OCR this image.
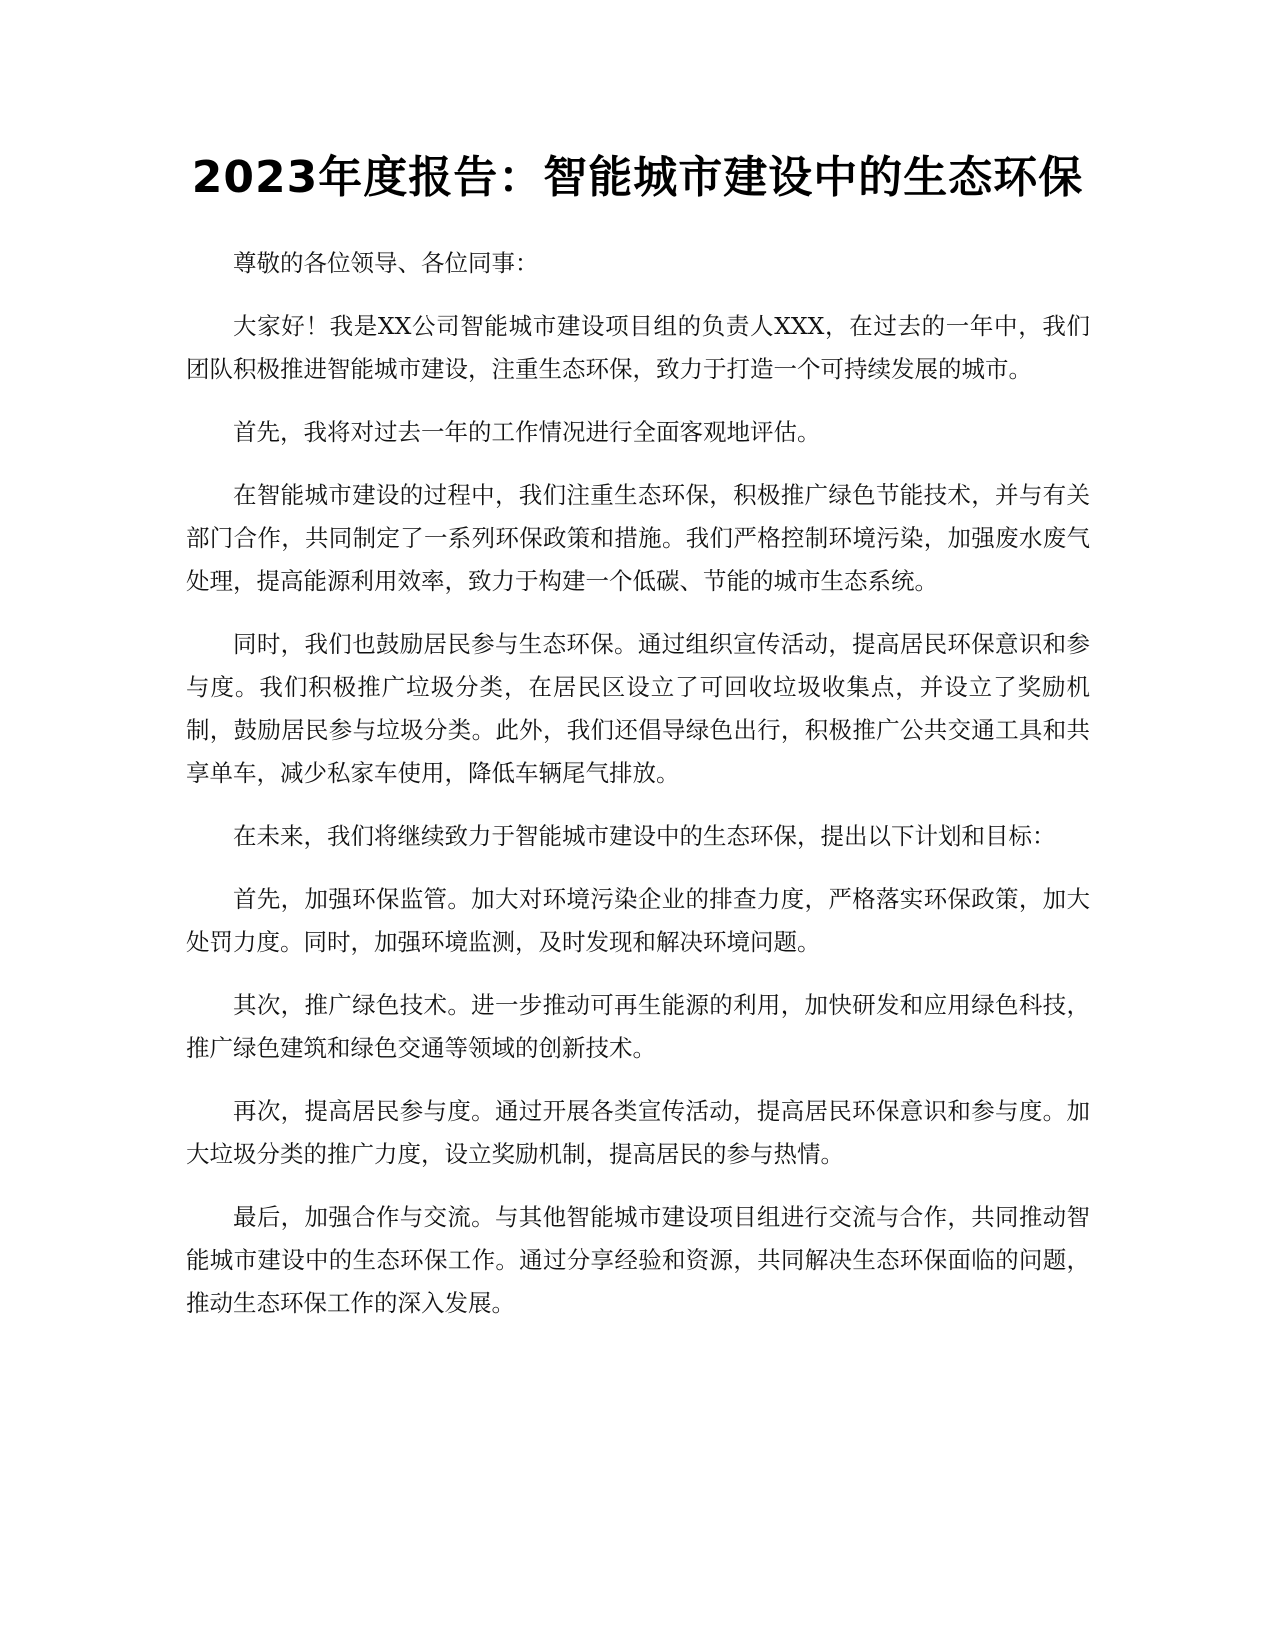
2023年度报告：智能城市建设中的生态环保

尊敬的各位领导、各位同事：

大家好！我是XX公司智能城市建设项目组的负责人XXX，在过去的一年中，我们团队积极推进智能城市建设，注重生态环保，致力于打造一个可持续发展的城市。

首先，我将对过去一年的工作情况进行全面客观地评估。

在智能城市建设的过程中，我们注重生态环保，积极推广绿色节能技术，并与有关部门合作，共同制定了一系列环保政策和措施。我们严格控制环境污染，加强废水废气处理，提高能源利用效率，致力于构建一个低碳、节能的城市生态系统。

同时，我们也鼓励居民参与生态环保。通过组织宣传活动，提高居民环保意识和参与度。我们积极推广垃圾分类，在居民区设立了可回收垃圾收集点，并设立了奖励机制，鼓励居民参与垃圾分类。此外，我们还倡导绿色出行，积极推广公共交通工具和共享单车，减少私家车使用，降低车辆尾气排放。

在未来，我们将继续致力于智能城市建设中的生态环保，提出以下计划和目标：

首先，加强环保监管。加大对环境污染企业的排查力度，严格落实环保政策，加大处罚力度。同时，加强环境监测，及时发现和解决环境问题。

其次，推广绿色技术。进一步推动可再生能源的利用，加快研发和应用绿色科技，推广绿色建筑和绿色交通等领域的创新技术。

再次，提高居民参与度。通过开展各类宣传活动，提高居民环保意识和参与度。加大垃圾分类的推广力度，设立奖励机制，提高居民的参与热情。

最后，加强合作与交流。与其他智能城市建设项目组进行交流与合作，共同推动智能城市建设中的生态环保工作。通过分享经验和资源，共同解决生态环保面临的问题，推动生态环保工作的深入发展。
